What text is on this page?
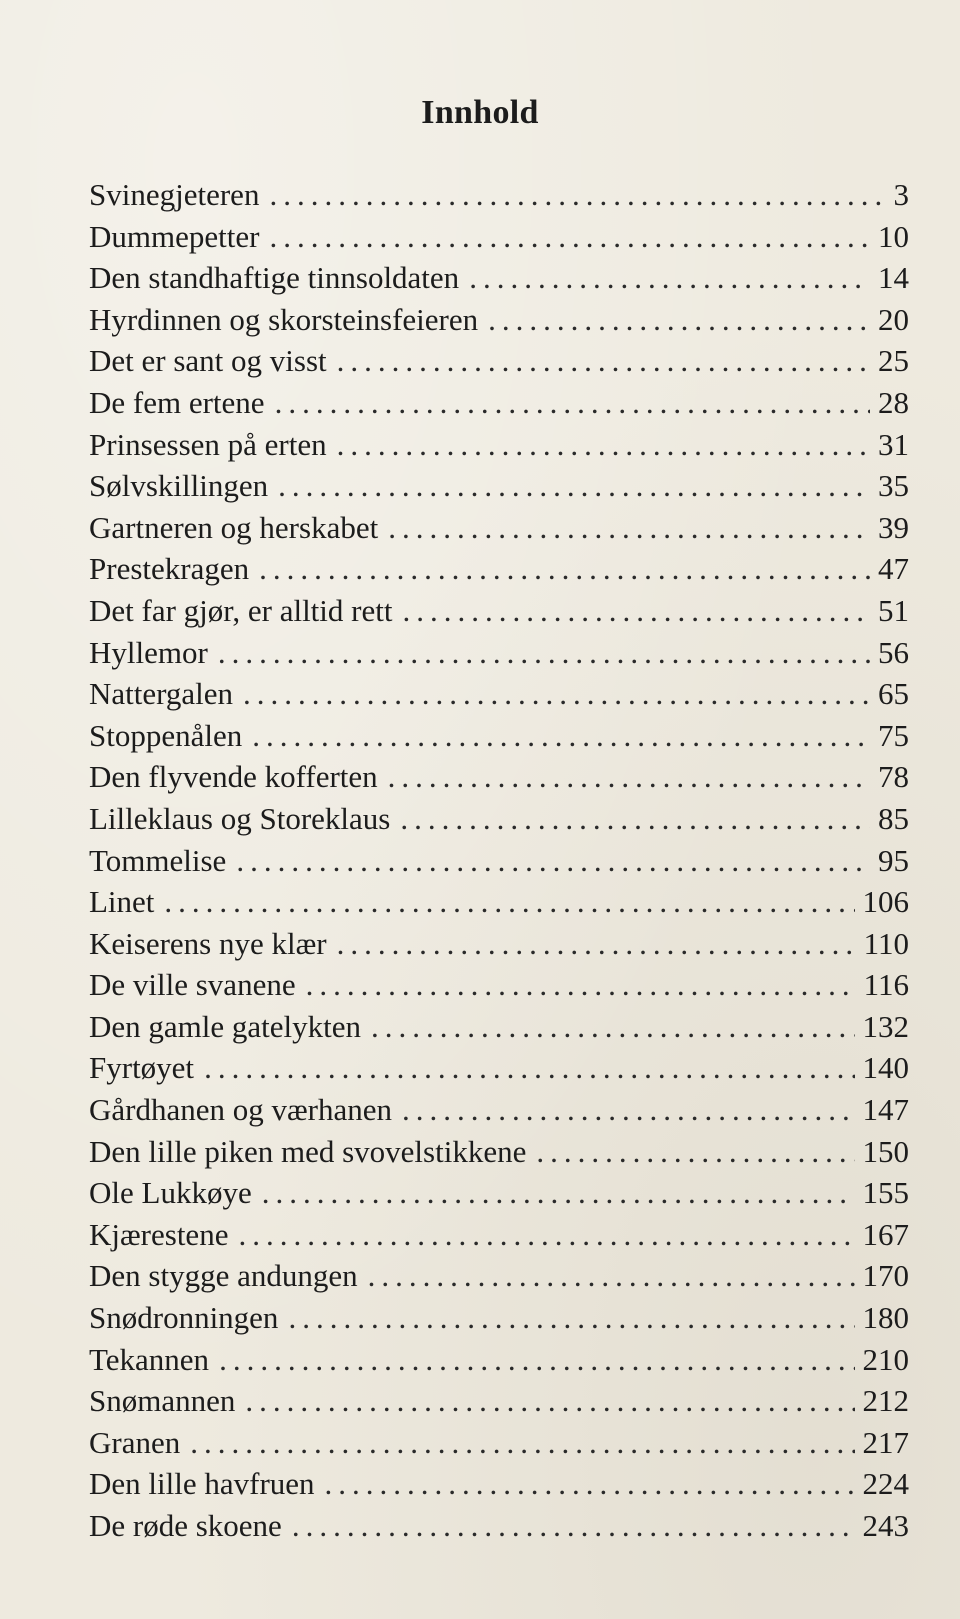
Innhold
Svinegjeteren .....	3
Dummepetter .....	10
Den standhaftige tinnsoldaten .....	14
Hyrdinnen og skorsteinsfeieren .....	20
Det er sant og visst .....	25
De fem ertene .....	28
Prinsessen på erten .....	31
Sølvskillingen .....	35
Gartneren og herskabet .....	39
Prestekragen .....	47
Det far gjør, er alltid rett .....	51
Hyllemor .....	56
Nattergalen .....	65
Stoppenålen .....	75
Den flyvende kofferten .....	78
Lilleklaus og Storeklaus .....	85
Tommelise .....	95
Linet .....	106
Keiserens nye klær .....	110
De ville svanene .....	116
Den gamle gatelykten .....	132
Fyrtøyet .....	140
Gårdhanen og værhanen .....	147
Den lille piken med svovelstikkene .....	150
Ole Lukkøye .....	155
Kjærestene .....	167
Den stygge andungen .....	170
Snødronningen .....	180
Tekannen .....	210
Snømannen .....	212
Granen .....	217
Den lille havfruen .....	224
De røde skoene .....	243
